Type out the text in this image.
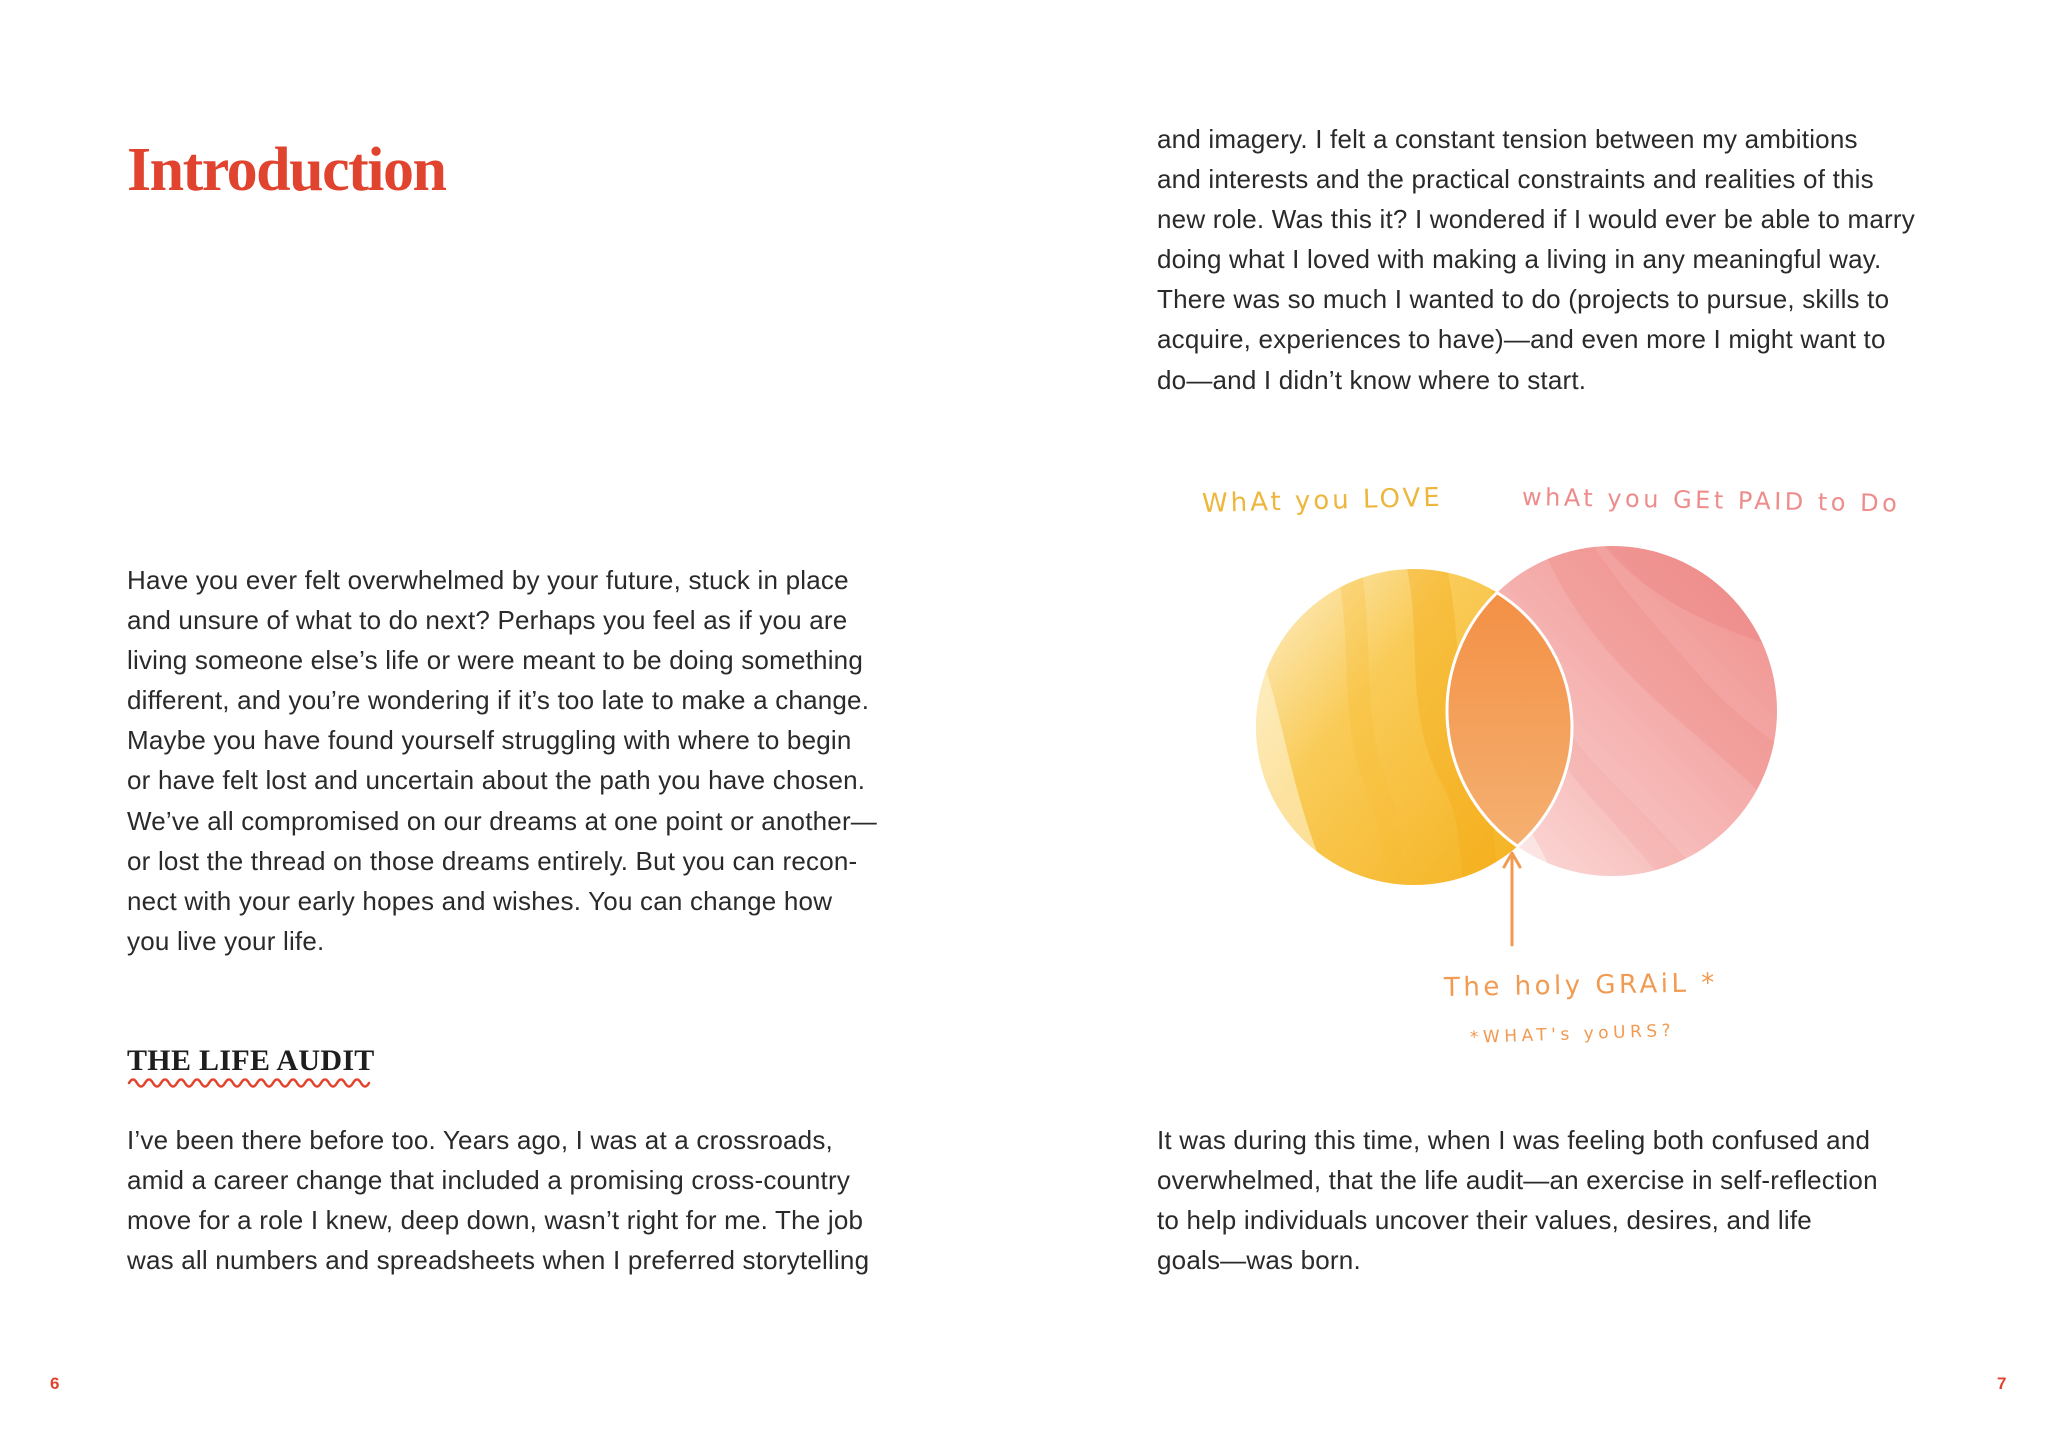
Introduction
Have you ever felt overwhelmed by your future, stuck in place
and unsure of what to do next? Perhaps you feel as if you are
living someone else’s life or were meant to be doing something
different, and you’re wondering if it’s too late to make a change.
Maybe you have found yourself struggling with where to begin
or have felt lost and uncertain about the path you have chosen.
We’ve all compromised on our dreams at one point or another—
or lost the thread on those dreams entirely. But you can recon-
nect with your early hopes and wishes. You can change how
you live your life.
THE LIFE AUDIT
I’ve been there before too. Years ago, I was at a crossroads,
amid a career change that included a promising cross-country
move for a role I knew, deep down, wasn’t right for me. The job
was all numbers and spreadsheets when I preferred storytelling
6
and imagery. I felt a constant tension between my ambitions
and interests and the practical constraints and realities of this
new role. Was this it? I wondered if I would ever be able to marry
doing what I loved with making a living in any meaningful way.
There was so much I wanted to do (projects to pursue, skills to
acquire, experiences to have)—and even more I might want to
do—and I didn’t know where to start.
WhAt you LOVE	whAt you GEt PAID to Do
The holy GRAiL *
*WHAT's yoURS?
It was during this time, when I was feeling both confused and
overwhelmed, that the life audit—an exercise in self-reflection
to help individuals uncover their values, desires, and life
goals—was born.
7
